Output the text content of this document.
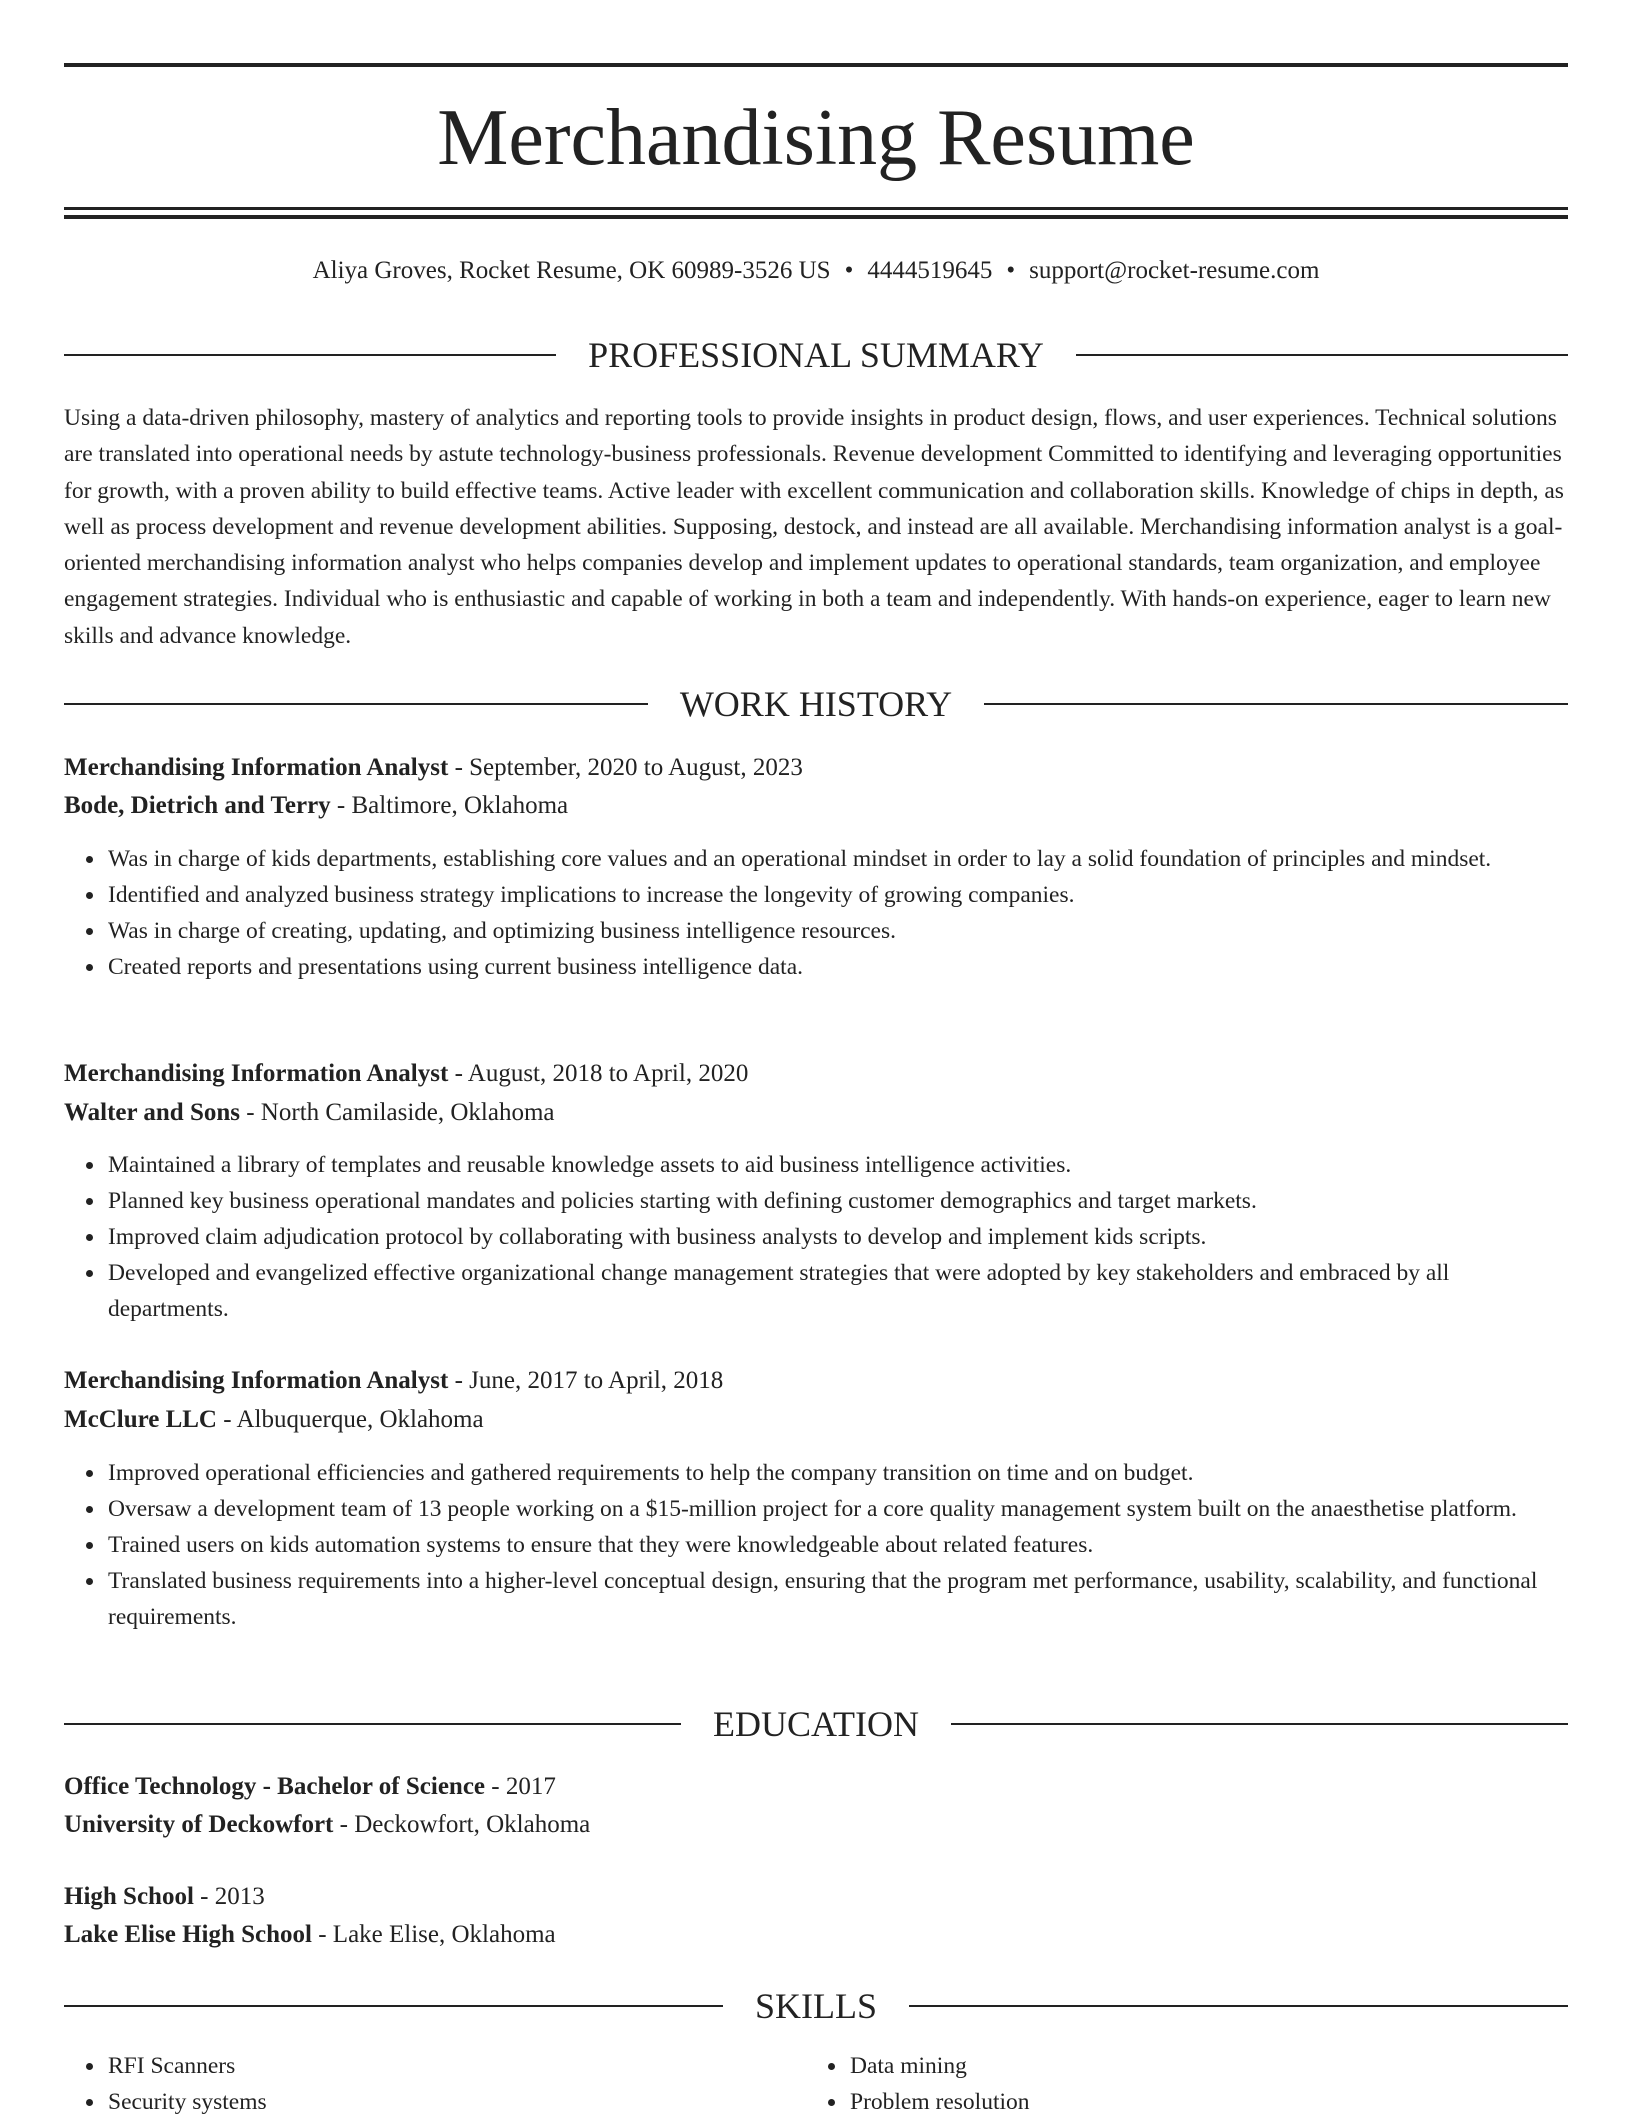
Merchandising Resume
Aliya Groves, Rocket Resume, OK 60989-3526 US • 4444519645 • support@rocket-resume.com
PROFESSIONAL SUMMARY

Using a data-driven philosophy, mastery of analytics and reporting tools to provide insights in product design, flows, and user experiences. Technical solutions are translated into operational needs by astute technology-business professionals. Revenue development Committed to identifying and leveraging opportunities for growth, with a proven ability to build effective teams. Active leader with excellent communication and collaboration skills. Knowledge of chips in depth, as well as process development and revenue development abilities. Supposing, destock, and instead are all available. Merchandising information analyst is a goal-oriented merchandising information analyst who helps companies develop and implement updates to operational standards, team organization, and employee engagement strategies. Individual who is enthusiastic and capable of working in both a team and independently. With hands-on experience, eager to learn new skills and advance knowledge.

WORK HISTORY
Merchandising Information Analyst - September, 2020 to August, 2023
Bode, Dietrich and Terry - Baltimore, Oklahoma
Was in charge of kids departments, establishing core values and an operational mindset in order to lay a solid foundation of principles and mindset.
Identified and analyzed business strategy implications to increase the longevity of growing companies.
Was in charge of creating, updating, and optimizing business intelligence resources.
Created reports and presentations using current business intelligence data.
Merchandising Information Analyst - August, 2018 to April, 2020
Walter and Sons - North Camilaside, Oklahoma
Maintained a library of templates and reusable knowledge assets to aid business intelligence activities.
Planned key business operational mandates and policies starting with defining customer demographics and target markets.
Improved claim adjudication protocol by collaborating with business analysts to develop and implement kids scripts.
Developed and evangelized effective organizational change management strategies that were adopted by key stakeholders and embraced by all departments.
Merchandising Information Analyst - June, 2017 to April, 2018
McClure LLC - Albuquerque, Oklahoma
Improved operational efficiencies and gathered requirements to help the company transition on time and on budget.
Oversaw a development team of 13 people working on a $15-million project for a core quality management system built on the anaesthetise platform.
Trained users on kids automation systems to ensure that they were knowledgeable about related features.
Translated business requirements into a higher-level conceptual design, ensuring that the program met performance, usability, scalability, and functional requirements.
EDUCATION
Office Technology - Bachelor of Science - 2017
University of Deckowfort - Deckowfort, Oklahoma
High School - 2013
Lake Elise High School - Lake Elise, Oklahoma
SKILLS
RFI Scanners
Security systems
Data mining
Problem resolution
